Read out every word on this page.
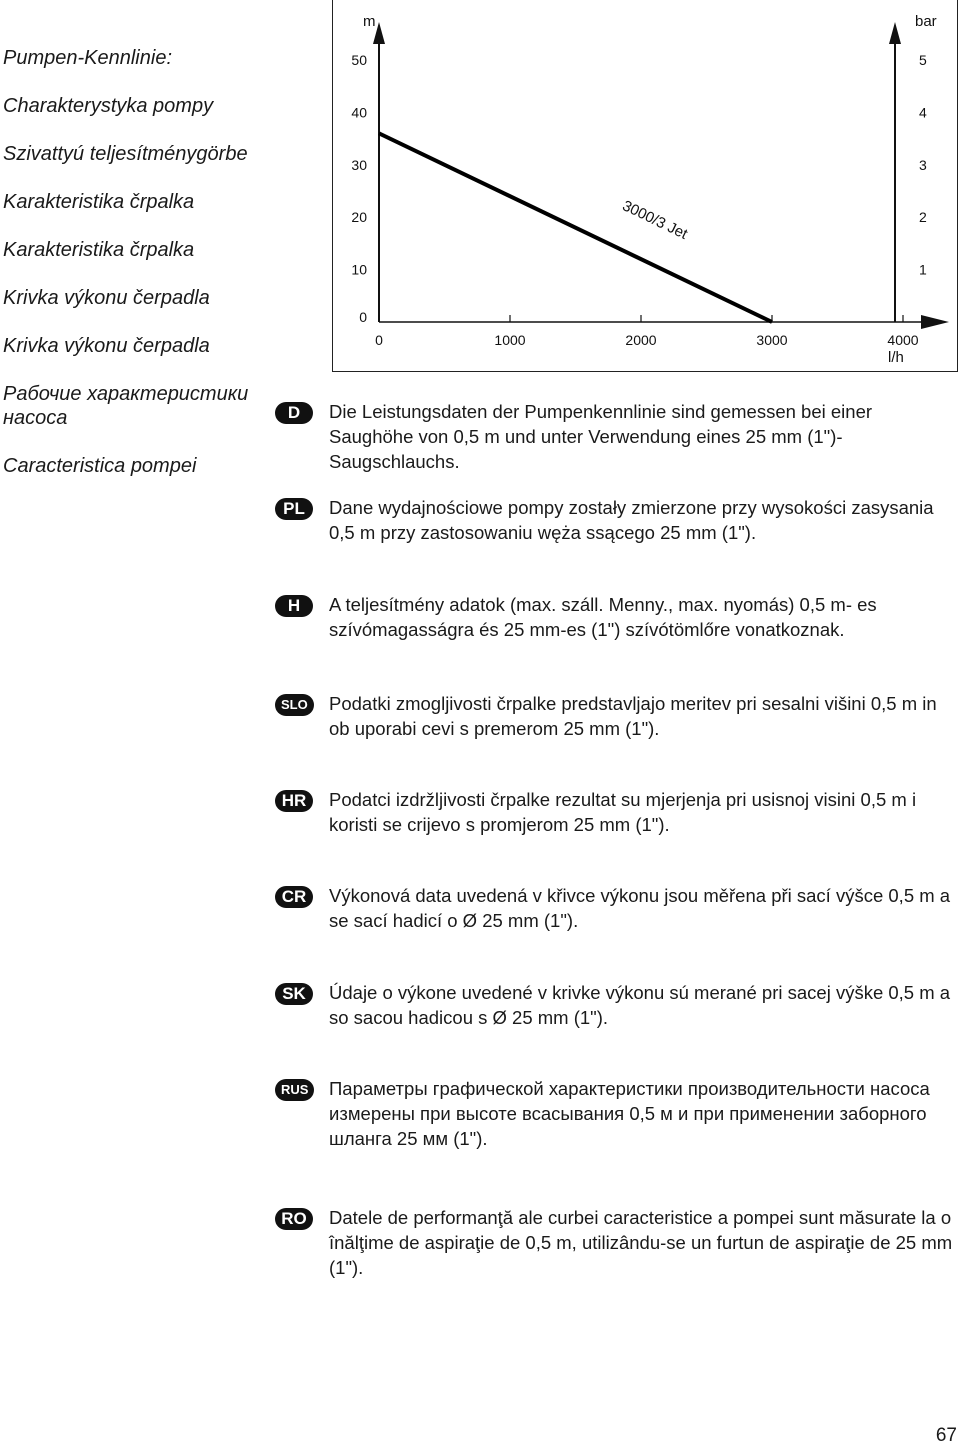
Pumpen-Kennlinie:
Charakterystyka pompy
Szivattyú teljesítménygörbe
Karakteristika črpalka
Karakteristika črpalka
Krivka výkonu čerpadla
Krivka výkonu čerpadla
Рабочие характеристики насоса
Caracteristica pompei
m	bar
l/h
0
10
20
30
40
50
1
2
3
4
5
0	1000	2000	3000	4000
3000/3 Jet
D	Die Leistungsdaten der Pumpenkennlinie sind gemessen bei einer Saughöhe von 0,5 m und unter Verwendung eines 25 mm (1")-Saugschlauchs.
PL	Dane wydajnościowe pompy zostały zmierzone przy wysokości zasysania 0,5 m przy zastosowaniu węża ssącego 25 mm (1").
H	A teljesítmény adatok (max. száll. Menny., max. nyomás) 0,5 m- es szívómagasságra és 25 mm-es (1") szívótömlőre vonatkoznak.
SLO	Podatki zmogljivosti črpalke predstavljajo meritev pri sesalni višini 0,5 m in ob uporabi cevi s premerom 25 mm (1").
HR	Podatci izdržljivosti črpalke rezultat su mjerjenja pri usisnoj visini 0,5 m i koristi se crijevo s promjerom 25 mm (1").
CR	Výkonová data uvedená v křivce výkonu jsou měřena při sací výšce 0,5 m a se sací hadicí o Ø 25 mm (1").
SK	Údaje o výkone uvedené v krivke výkonu sú merané pri sacej výške 0,5 m a so sacou hadicou s Ø 25 mm (1").
RUS	Параметры графической характеристики производительности насоса измерены при высоте всасывания 0,5 м и при применении заборного шланга 25 мм (1").
RO	Datele de performanţă ale curbei caracteristice a pompei sunt măsurate la o înălţime de aspiraţie de 0,5 m, utilizându-se un furtun de aspiraţie de 25 mm (1").
67
